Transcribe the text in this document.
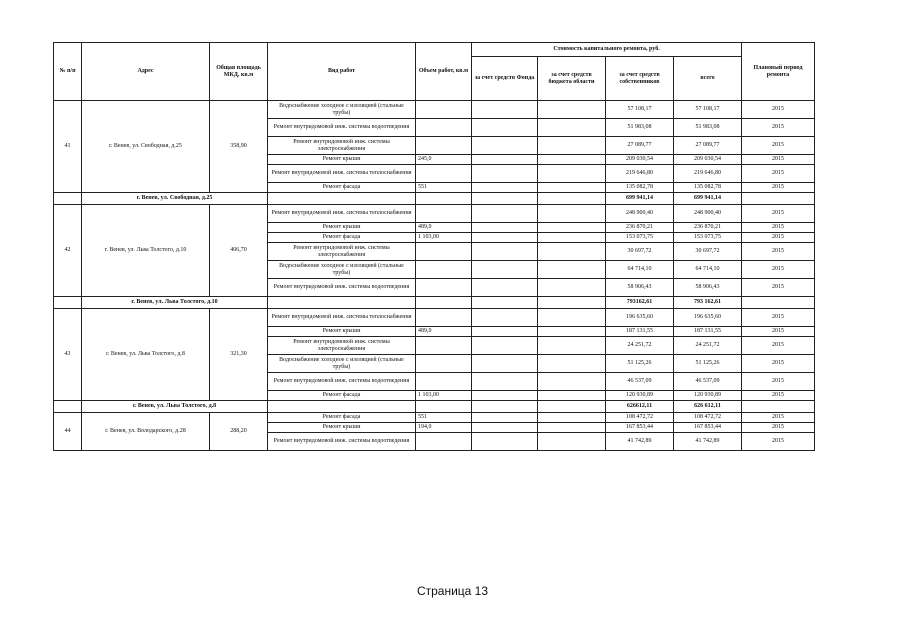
№ п/п	Адрес	Общая площадь МКД, кв.м	Вид работ	Объем работ, кв.м	Стоимость капитального ремонта, руб.				Плановый период ремонта
					за счет средств Фонда	за счет средств бюджета области	за счет средств собственников	всего	
41	г. Венев, ул. Свободная, д.25	358,90	Водоснабжение холодное с изоляцией (стальные трубы)				57 108,17	57 108,17	2015
			Ремонт внутридомовой инж. системы водоотведения				51 983,08	51 983,08	2015
			Ремонт внутридомовой инж. системы электроснабжения				27 089,77	27 089,77	2015
			Ремонт крыши	245,0			209 030,54	209 030,54	2015
			Ремонт внутридомовой инж. системы теплоснабжения				219 646,80	219 646,80	2015
			Ремонт фасада	551			135 082,78	135 082,78	2015
	г. Венев, ул. Свободная, д.25						699 941,14	699 941,14	
42	г. Венев, ул. Льва Толстого, д.10	406,70	Ремонт внутридомовой инж. системы теплоснабжения				248 900,40	248 900,40	2015
			Ремонт крыши	489,0			236 870,21	236 870,21	2015
			Ремонт фасада	1 103,00			153 073,75	153 073,75	2015
			Ремонт внутридомовой инж. системы электроснабжения				30 697,72	30 697,72	2015
			Водоснабжение холодное с изоляцией (стальные трубы)				64 714,10	64 714,10	2015
			Ремонт внутридомовой инж. системы водоотведения				58 906,43	58 906,43	2015
	г. Венев, ул. Льва Толстого, д.10						793162,61	793 162,61	
43	г. Венев, ул. Льва Толстого, д.8	321,30	Ремонт внутридомовой инж. системы теплоснабжения				196 635,60	196 635,60	2015
			Ремонт крыши	489,0			187 131,55	187 131,55	2015
			Ремонт внутридомовой инж. системы электроснабжения				24 251,72	24 251,72	2015
			Водоснабжение холодное с изоляцией (стальные трубы)				51 125,26	51 125,26	2015
			Ремонт внутридомовой инж. системы водоотведения				46 537,09	46 537,09	2015
			Ремонт фасада	1 103,00			120 930,89	120 930,89	2015
	г. Венев, ул. Льва Толстого, д.8						626612,11	626 612,11	
44	г. Венев, ул. Володарского, д.28	288,20	Ремонт фасада	551			108 472,72	108 472,72	2015
			Ремонт крыши	194,0			167 853,44	167 853,44	2015
			Ремонт внутридомовой инж. системы водоотведения				41 742,89	41 742,89	2015
Страница 13
